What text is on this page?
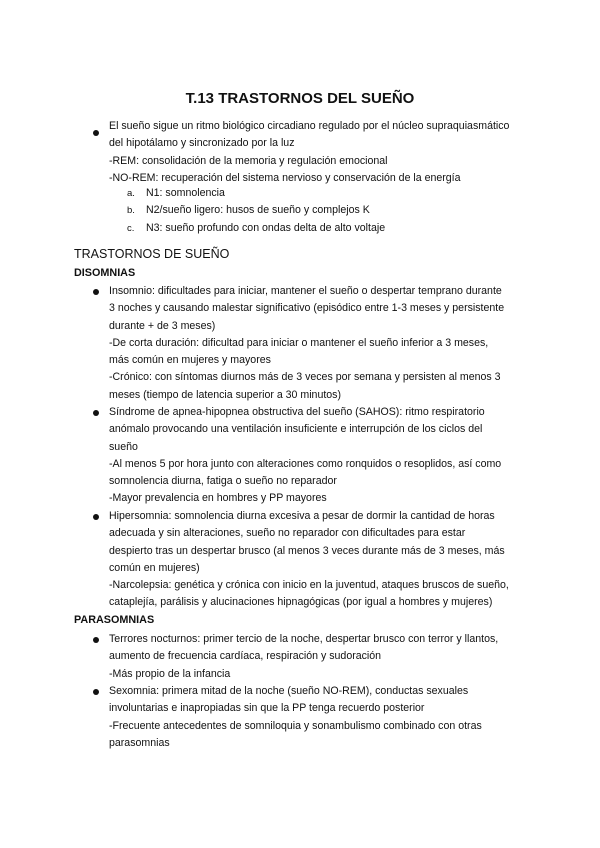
T.13 TRASTORNOS DEL SUEÑO
El sueño sigue un ritmo biológico circadiano regulado por el núcleo supraquiasmático
del hipotálamo y sincronizado por la luz
-REM: consolidación de la memoria y regulación emocional
-NO-REM: recuperación del sistema nervioso y conservación de la energía
a. N1: somnolencia
b. N2/sueño ligero: husos de sueño y complejos K
c. N3: sueño profundo con ondas delta de alto voltaje
TRASTORNOS DE SUEÑO
DISOMNIAS
Insomnio: dificultades para iniciar, mantener el sueño o despertar temprano durante
3 noches y causando malestar significativo (episódico entre 1-3 meses y persistente
durante + de 3 meses)
-De corta duración: dificultad para iniciar o mantener el sueño inferior a 3 meses,
más común en mujeres y mayores
-Crónico: con síntomas diurnos más de 3 veces por semana y persisten al menos 3
meses (tiempo de latencia superior a 30 minutos)
Síndrome de apnea-hipopnea obstructiva del sueño (SAHOS): ritmo respiratorio
anómalo provocando una ventilación insuficiente e interrupción de los ciclos del
sueño
-Al menos 5 por hora junto con alteraciones como ronquidos o resoplidos, así como
somnolencia diurna, fatiga o sueño no reparador
-Mayor prevalencia en hombres y PP mayores
Hipersomnia: somnolencia diurna excesiva a pesar de dormir la cantidad de horas
adecuada y sin alteraciones, sueño no reparador con dificultades para estar
despierto tras un despertar brusco (al menos 3 veces durante más de 3 meses, más
común en mujeres)
-Narcolepsia: genética y crónica con inicio en la juventud, ataques bruscos de sueño,
cataplejía, parálisis y alucinaciones hipnagógicas (por igual a hombres y mujeres)
PARASOMNIAS
Terrores nocturnos: primer tercio de la noche, despertar brusco con terror y llantos,
aumento de frecuencia cardíaca, respiración y sudoración
-Más propio de la infancia
Sexomnia: primera mitad de la noche (sueño NO-REM), conductas sexuales
involuntarias e inapropiadas sin que la PP tenga recuerdo posterior
-Frecuente antecedentes de somniloquia y sonambulismo combinado con otras
parasomnias
